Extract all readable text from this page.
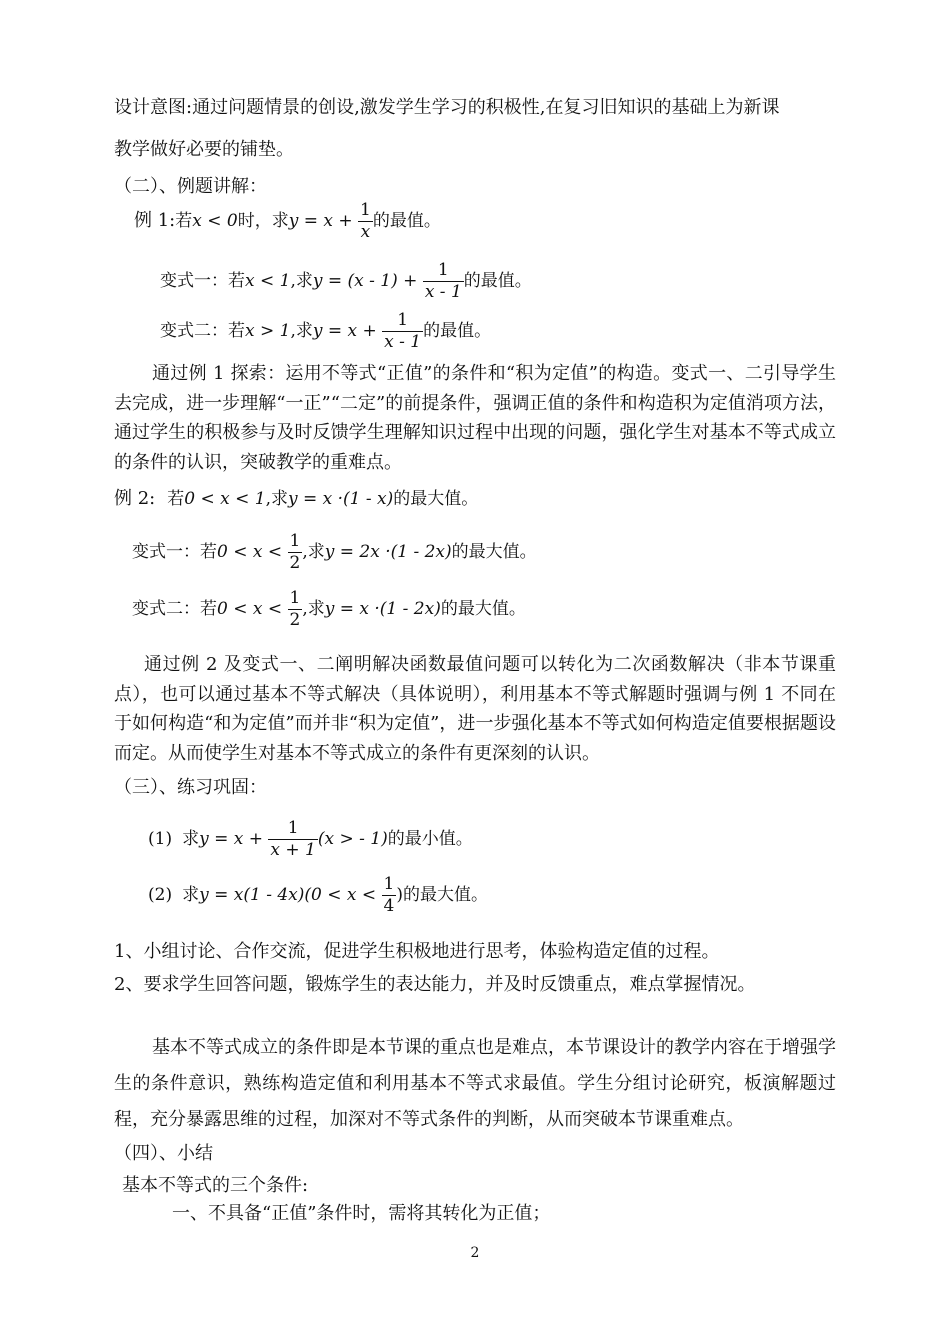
设计意图:通过问题情景的创设,激发学生学习的积极性,在复习旧知识的基础上为新课
教学做好必要的铺垫。
（二）、例题讲解：
例 1:若x < 0时，求$y = x + \frac{1}{x}$ 的最值。
变式一：若x < 1,求$y = (x - 1) + \frac{1}{x - 1}$ 的最值。
变式二：若x > 1,求$y = x + \frac{1}{x - 1}$ 的最值。
通过例 1 探索：运用不等式“正值”的条件和“积为定值”的构造。变式一、二引导学生去完成，进一步理解“一正”“二定”的前提条件，强调正值的条件和构造积为定值消项方法，通过学生的积极参与及时反馈学生理解知识过程中出现的问题，强化学生对基本不等式成立的条件的认识，突破教学的重难点。
例 2: 若0 < x < 1,求y = x ·(1 - x)的最大值。
变式一：若$0 < x < \frac{1}{2}$ ,求y = 2x ·(1 - 2x)的最大值。
变式二：若$0 < x < \frac{1}{2}$ ,求y = x ·(1 - 2x)的最大值。
通过例 2 及变式一、二阐明解决函数最值问题可以转化为二次函数解决（非本节课重点），也可以通过基本不等式解决（具体说明），利用基本不等式解题时强调与例 1 不同在于如何构造“和为定值”而并非“积为定值”，进一步强化基本不等式如何构造定值要根据题设而定。从而使学生对基本不等式成立的条件有更深刻的认识。
（三）、练习巩固：
(1) 求$y = x + \frac{1}{x + 1} (x$ > - 1)的最小值。
(2) 求$y = x(1 - 4x)(0 < x < \frac{1}{4}$ )的最大值。
1、小组讨论、合作交流，促进学生积极地进行思考，体验构造定值的过程。
2、要求学生回答问题，锻炼学生的表达能力，并及时反馈重点，难点掌握情况。
基本不等式成立的条件即是本节课的重点也是难点，本节课设计的教学内容在于增强学生的条件意识，熟练构造定值和利用基本不等式求最值。学生分组讨论研究，板演解题过程，充分暴露思维的过程，加深对不等式条件的判断，从而突破本节课重难点。
（四）、小结
基本不等式的三个条件:
一、不具备“正值”条件时，需将其转化为正值；
2
